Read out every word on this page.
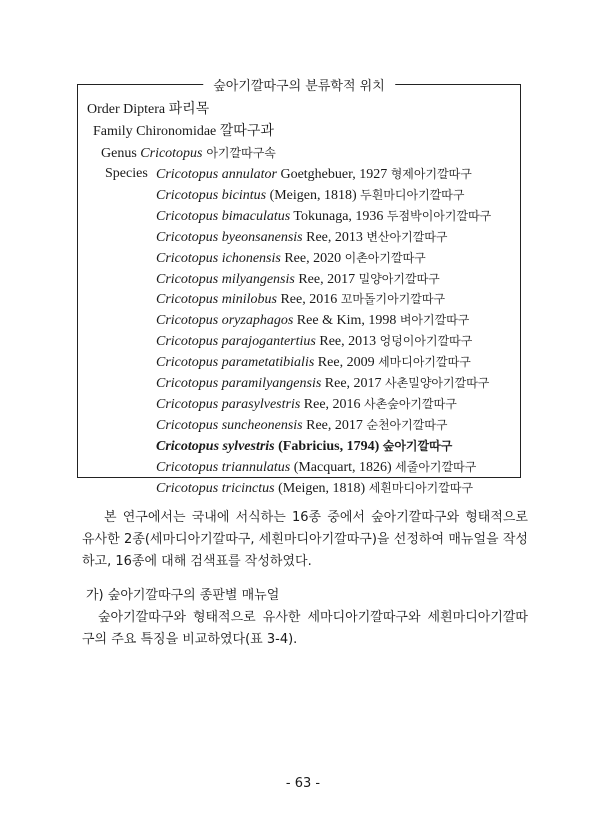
숲아기깔따구의 분류학적 위치
Order Diptera 파리목
Family Chironomidae 깔따구과
Genus Cricotopus 아기깔따구속
Species Cricotopus annulator Goetghebuer, 1927 형제아기깔따구
Cricotopus bicintus (Meigen, 1818) 두흰마디아기깔따구
Cricotopus bimaculatus Tokunaga, 1936 두점박이아기깔따구
Cricotopus byeonsanensis Ree, 2013 변산아기깔따구
Cricotopus ichonensis Ree, 2020 이촌아기깔따구
Cricotopus milyangensis Ree, 2017 밀양아기깔따구
Cricotopus minilobus Ree, 2016 꼬마돌기아기깔따구
Cricotopus oryzaphagos Ree & Kim, 1998 벼아기깔따구
Cricotopus parajogantertius Ree, 2013 엉덩이아기깔따구
Cricotopus parametatibialis Ree, 2009 세마디아기깔따구
Cricotopus paramilyangensis Ree, 2017 사촌밀양아기깔따구
Cricotopus parasylvestris Ree, 2016 사촌숲아기깔따구
Cricotopus suncheonensis Ree, 2017 순천아기깔따구
Cricotopus sylvestris (Fabricius, 1794) 숲아기깔따구
Cricotopus triannulatus (Macquart, 1826) 세줄아기깔따구
Cricotopus tricinctus (Meigen, 1818) 세흰마디아기깔따구
본 연구에서는 국내에 서식하는 16종 중에서 숲아기깔따구와 형태적으로 유사한 2종(세마디아기깔따구, 세흰마디아기깔따구)을 선정하여 매뉴얼을 작성하고, 16종에 대해 검색표를 작성하였다.
가) 숲아기깔따구의 종판별 매뉴얼
숲아기깔따구와 형태적으로 유사한 세마디아기깔따구와 세흰마디아기깔따구의 주요 특징을 비교하였다(표 3-4).
- 63 -
